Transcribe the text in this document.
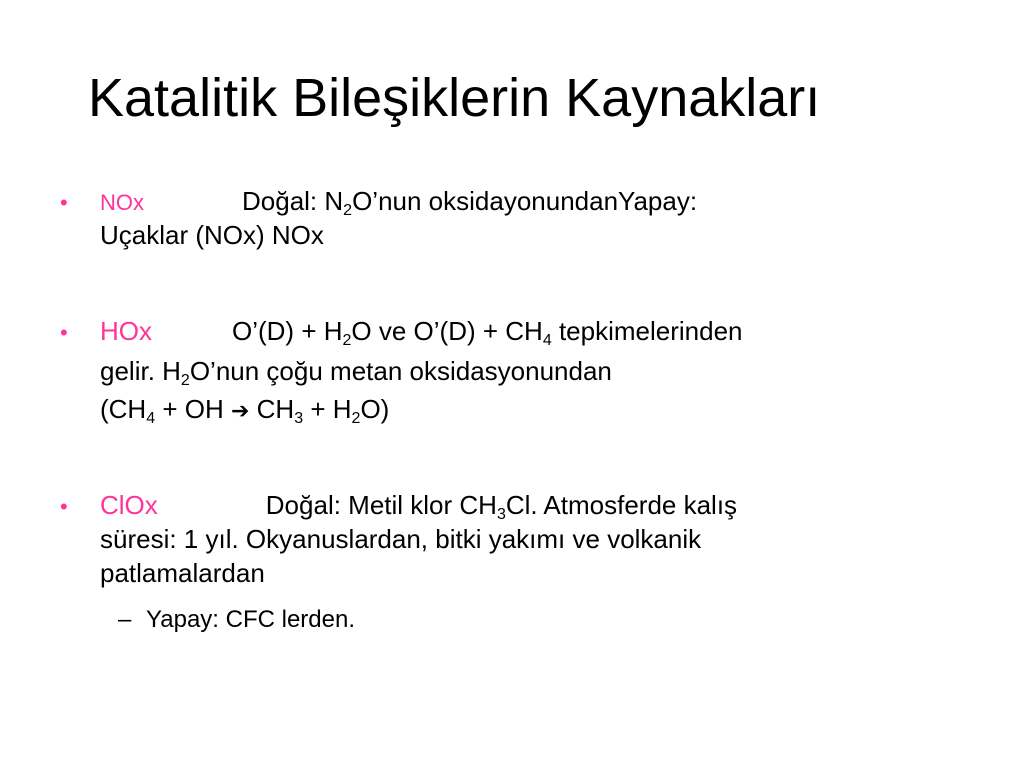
Katalitik Bileşiklerin Kaynakları
• NOx	Doğal: $N_2O’nun$ oksidayonundanYapay:
Uçaklar (NOx) NOx
• HOx	O’(D) + $H_2O$ ve O’(D) + $CH_4$ tepkimelerinden
gelir. $H_2O’nun$ çoğu metan oksidasyonundan
($CH_4$ + OH ➔ $CH_3 + H_2O$)
• ClOx	Doğal: Metil klor $CH_3Cl$. Atmosferde kalış
süresi: 1 yıl. Okyanuslardan, bitki yakımı ve volkanik
patlamalardan
– Yapay: CFC lerden.
